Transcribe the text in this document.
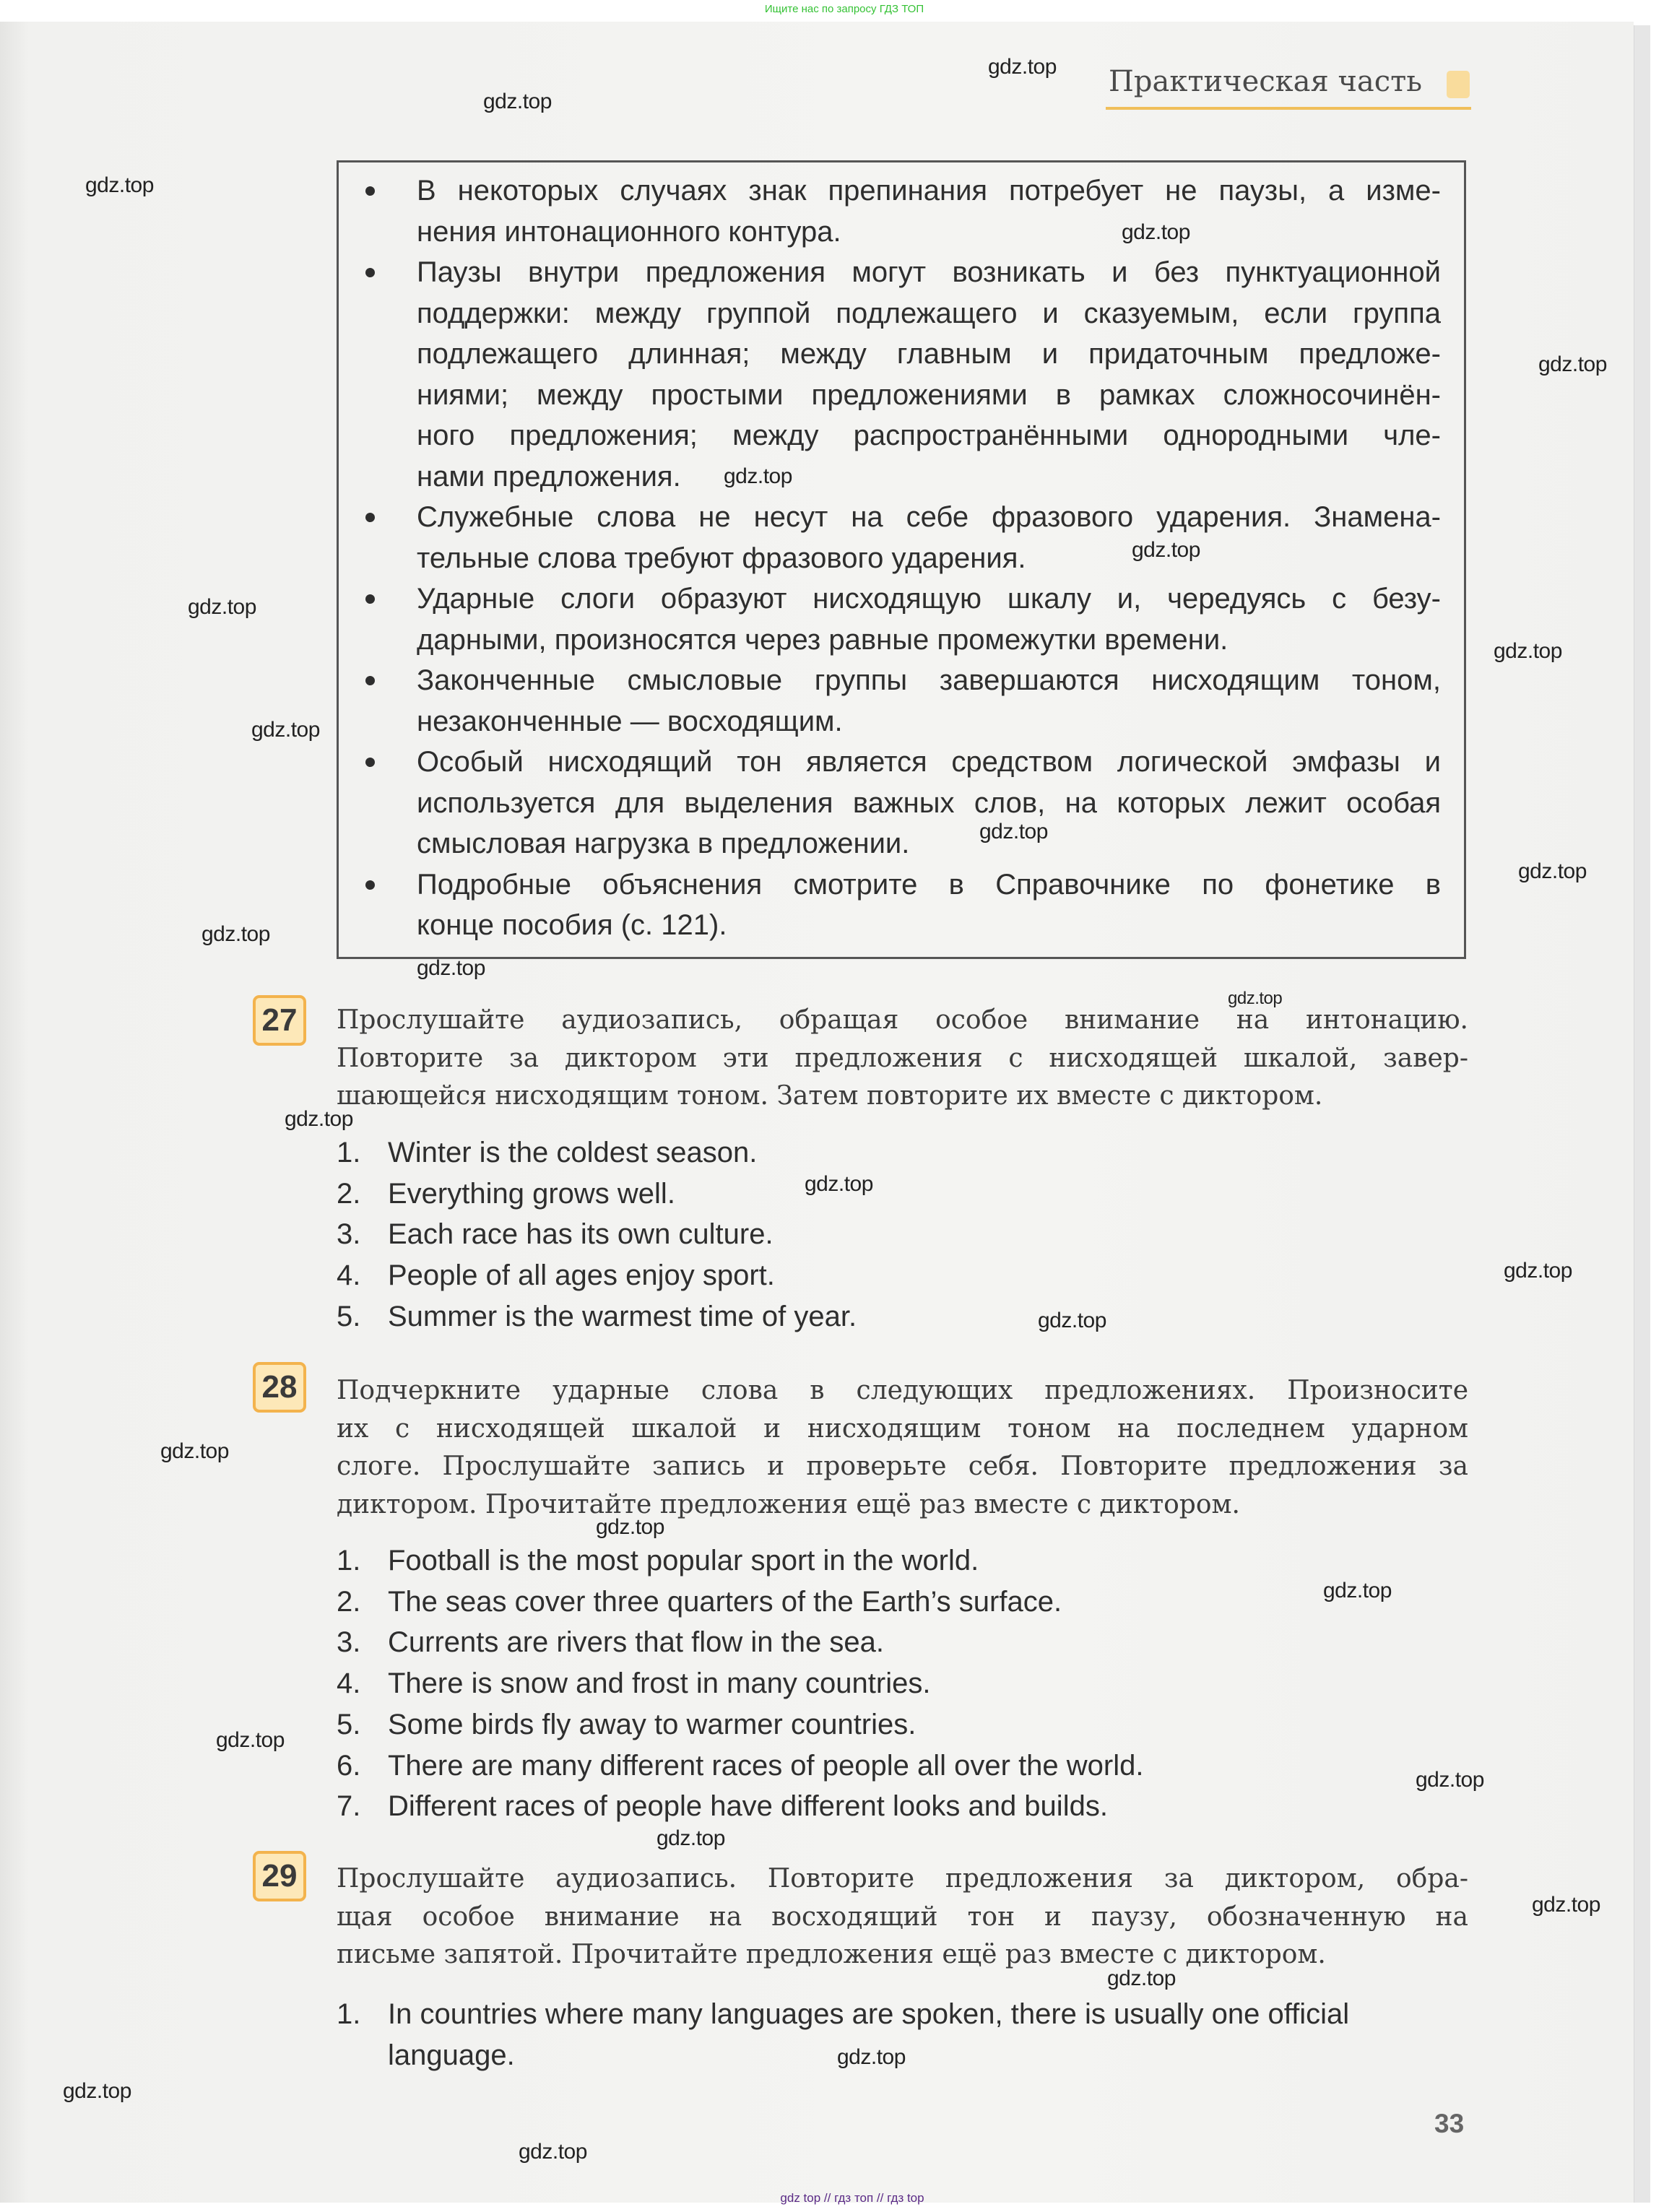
Ищите нас по запросу ГДЗ ТОП
Практическая часть
В некоторых случаях знак препинания потребует не паузы, а изме-
нения интонационного контура.
Паузы внутри предложения могут возникать и без пунктуационной
поддержки: между группой подлежащего и сказуемым, если группа
подлежащего длинная; между главным и придаточным предложе-
ниями; между простыми предложениями в рамках сложносочинён-
ного предложения; между распространёнными однородными чле-
нами предложения.
Служебные слова не несут на себе фразового ударения. Знамена-
тельные слова требуют фразового ударения.
Ударные слоги образуют нисходящую шкалу и, чередуясь с безу-
дарными, произносятся через равные промежутки времени.
Законченные смысловые группы завершаются нисходящим тоном,
незаконченные — восходящим.
Особый нисходящий тон является средством логической эмфазы и
используется для выделения важных слов, на которых лежит особая
смысловая нагрузка в предложении.
Подробные объяснения смотрите в Справочнике по фонетике в
конце пособия (с. 121).
27	Прослушайте аудиозапись, обращая особое внимание на интонацию.
Повторите за диктором эти предложения с нисходящей шкалой, завер-
шающейся нисходящим тоном. Затем повторите их вместе с диктором.
1. Winter is the coldest season.
2. Everything grows well.
3. Each race has its own culture.
4. People of all ages enjoy sport.
5. Summer is the warmest time of year.
28	Подчеркните ударные слова в следующих предложениях. Произносите
их с нисходящей шкалой и нисходящим тоном на последнем ударном
слоге. Прослушайте запись и проверьте себя. Повторите предложения за
диктором. Прочитайте предложения ещё раз вместе с диктором.
1. Football is the most popular sport in the world.
2. The seas cover three quarters of the Earth’s surface.
3. Currents are rivers that flow in the sea.
4. There is snow and frost in many countries.
5. Some birds fly away to warmer countries.
6. There are many different races of people all over the world.
7. Different races of people have different looks and builds.
29	Прослушайте аудиозапись. Повторите предложения за диктором, обра-
щая особое внимание на восходящий тон и паузу, обозначенную на
письме запятой. Прочитайте предложения ещё раз вместе с диктором.
1. In countries where many languages are spoken, there is usually one official
language.
33
gdz top // гдз топ // гдз top
gdz.top
gdz.top
gdz.top
gdz.top
gdz.top
gdz.top
gdz.top
gdz.top
gdz.top
gdz.top
gdz.top
gdz.top
gdz.top
gdz.top
gdz.top
gdz.top
gdz.top
gdz.top
gdz.top
gdz.top
gdz.top
gdz.top
gdz.top
gdz.top
gdz.top
gdz.top
gdz.top
gdz.top
gdz.top
gdz.top
